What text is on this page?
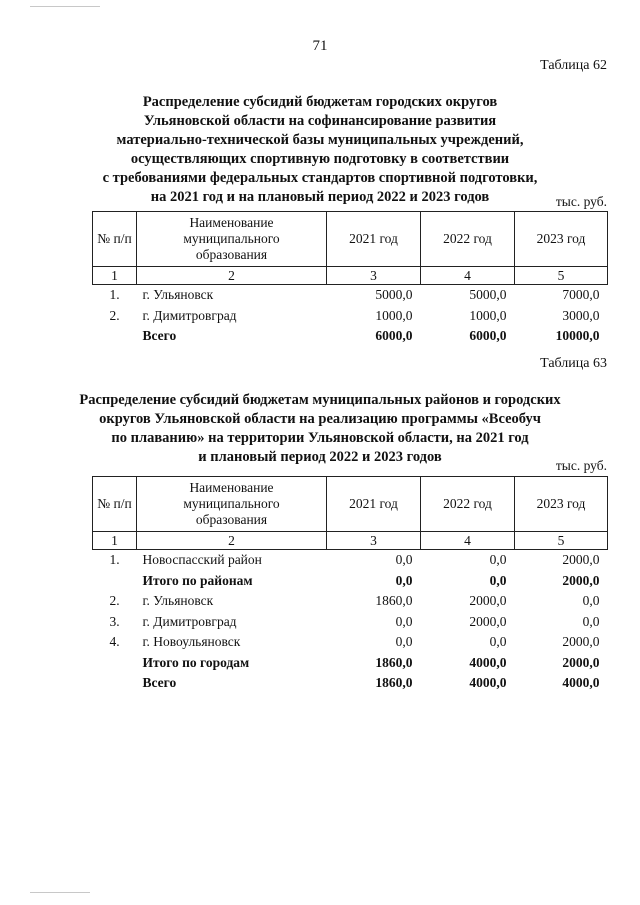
71
Таблица 62
Распределение субсидий бюджетам городских округов
Ульяновской области на софинансирование развития
материально-технической базы муниципальных учреждений,
осуществляющих спортивную подготовку в соответствии
с требованиями федеральных стандартов спортивной подготовки,
на 2021 год и на плановый период 2022 и 2023 годов	тыс. руб.
№ п/п	Наименование муниципального образования	2021 год	2022 год	2023 год
1	2	3	4	5
1.	г. Ульяновск	5000,0	5000,0	7000,0
2.	г. Димитровград	1000,0	1000,0	3000,0
	Всего	6000,0	6000,0	10000,0
Таблица 63
Распределение субсидий бюджетам муниципальных районов и городских
округов Ульяновской области на реализацию программы «Всеобуч
по плаванию» на территории Ульяновской области, на 2021 год
и плановый период 2022 и 2023 годов
тыс. руб.
№ п/п	Наименование муниципального образования	2021 год	2022 год	2023 год
1	2	3	4	5
1.	Новоспасский район	0,0	0,0	2000,0
	Итого по районам	0,0	0,0	2000,0
2.	г. Ульяновск	1860,0	2000,0	0,0
3.	г. Димитровград	0,0	2000,0	0,0
4.	г. Новоульяновск	0,0	0,0	2000,0
	Итого по городам	1860,0	4000,0	2000,0
	Всего	1860,0	4000,0	4000,0
